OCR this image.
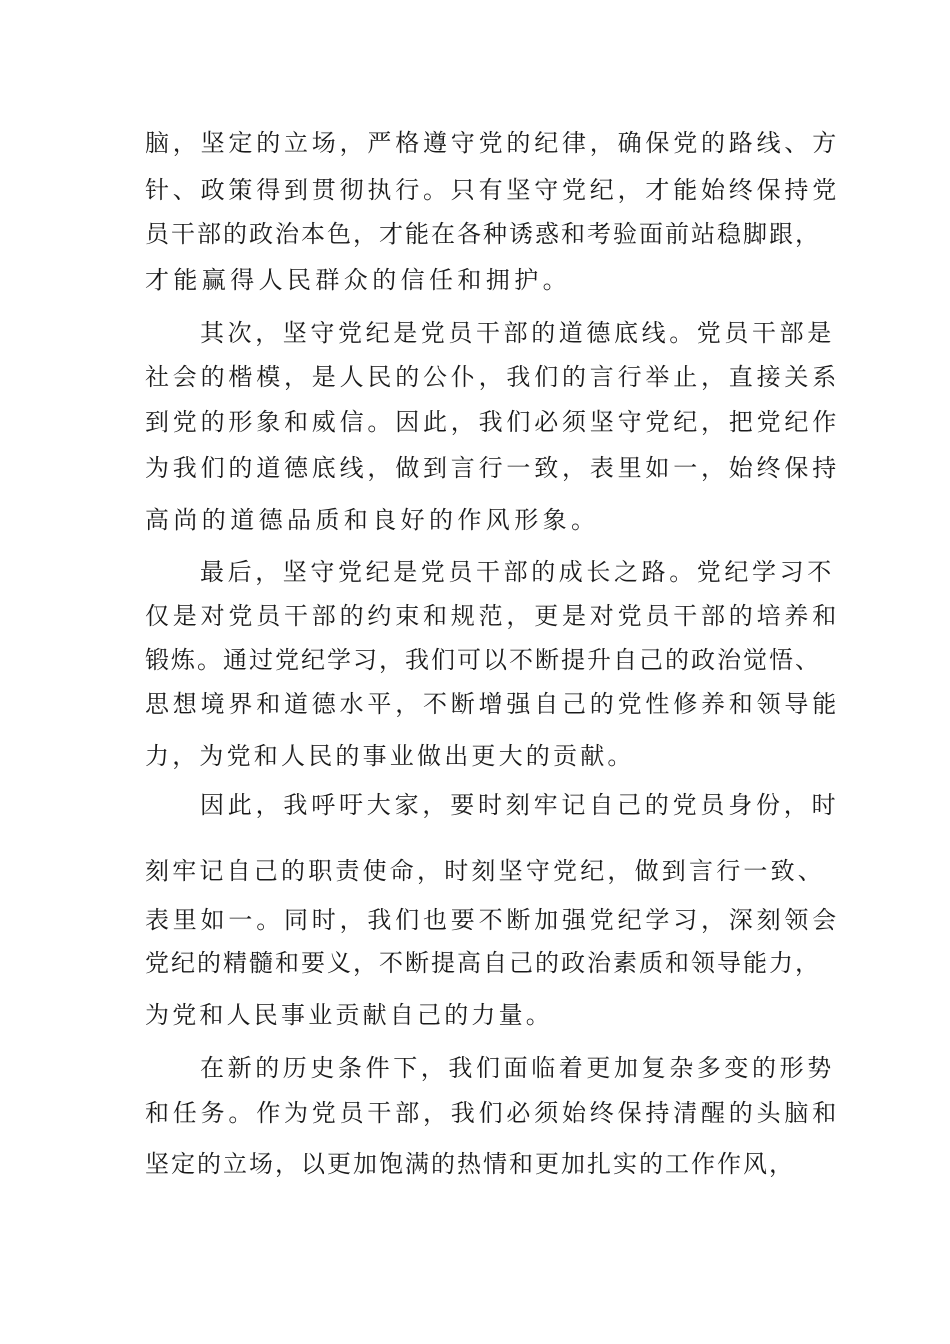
脑，坚定的立场，严格遵守党的纪律，确保党的路线、方

针、政策得到贯彻执行。只有坚守党纪，才能始终保持党

员干部的政治本色，才能在各种诱惑和考验面前站稳脚跟，

才能赢得人民群众的信任和拥护。

其次，坚守党纪是党员干部的道德底线。党员干部是

社会的楷模，是人民的公仆，我们的言行举止，直接关系

到党的形象和威信。因此，我们必须坚守党纪，把党纪作

为我们的道德底线，做到言行一致，表里如一，始终保持

高尚的道德品质和良好的作风形象。

最后，坚守党纪是党员干部的成长之路。党纪学习不

仅是对党员干部的约束和规范，更是对党员干部的培养和

锻炼。通过党纪学习，我们可以不断提升自己的政治觉悟、

思想境界和道德水平，不断增强自己的党性修养和领导能

力，为党和人民的事业做出更大的贡献。

因此，我呼吁大家，要时刻牢记自己的党员身份，时

刻牢记自己的职责使命，时刻坚守党纪，做到言行一致、

表里如一。同时，我们也要不断加强党纪学习，深刻领会

党纪的精髓和要义，不断提高自己的政治素质和领导能力，

为党和人民事业贡献自己的力量。

在新的历史条件下，我们面临着更加复杂多变的形势

和任务。作为党员干部，我们必须始终保持清醒的头脑和

坚定的立场，以更加饱满的热情和更加扎实的工作作风，
